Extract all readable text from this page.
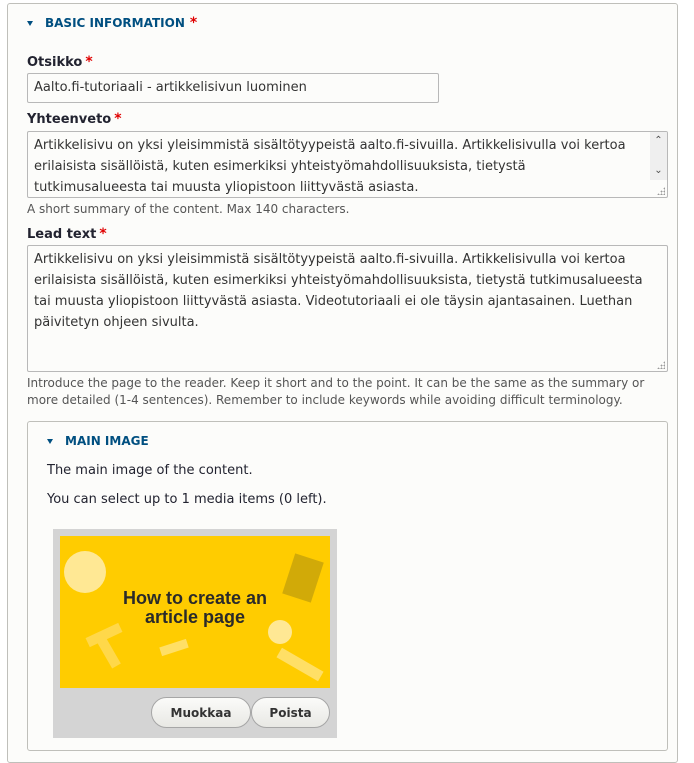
BASIC INFORMATION *
Otsikko *
Aalto.fi-tutoriaali - artikkelisivun luominen
Yhteenveto *
Artikkelisivu on yksi yleisimmistä sisältötyypeistä aalto.fi-sivuilla. Artikkelisivulla voi kertoa erilaisista sisällöistä, kuten esimerkiksi yhteistyömahdollisuuksista, tietystä tutkimusalueesta tai muusta yliopistoon liittyvästä asiasta.
⌃
⌄
A short summary of the content. Max 140 characters.
Lead text *
Artikkelisivu on yksi yleisimmistä sisältötyypeistä aalto.fi-sivuilla. Artikkelisivulla voi kertoa erilaisista sisällöistä, kuten esimerkiksi yhteistyömahdollisuuksista, tietystä tutkimusalueesta tai muusta yliopistoon liittyvästä asiasta. Videotutoriaali ei ole täysin ajantasainen. Luethan päivitetyn ohjeen sivulta.
Introduce the page to the reader. Keep it short and to the point. It can be the same as the summary or more detailed (1-4 sentences). Remember to include keywords while avoiding difficult terminology.
MAIN IMAGE
The main image of the content.
You can select up to 1 media items (0 left).
How to create an article page
Muokkaa	Poista
